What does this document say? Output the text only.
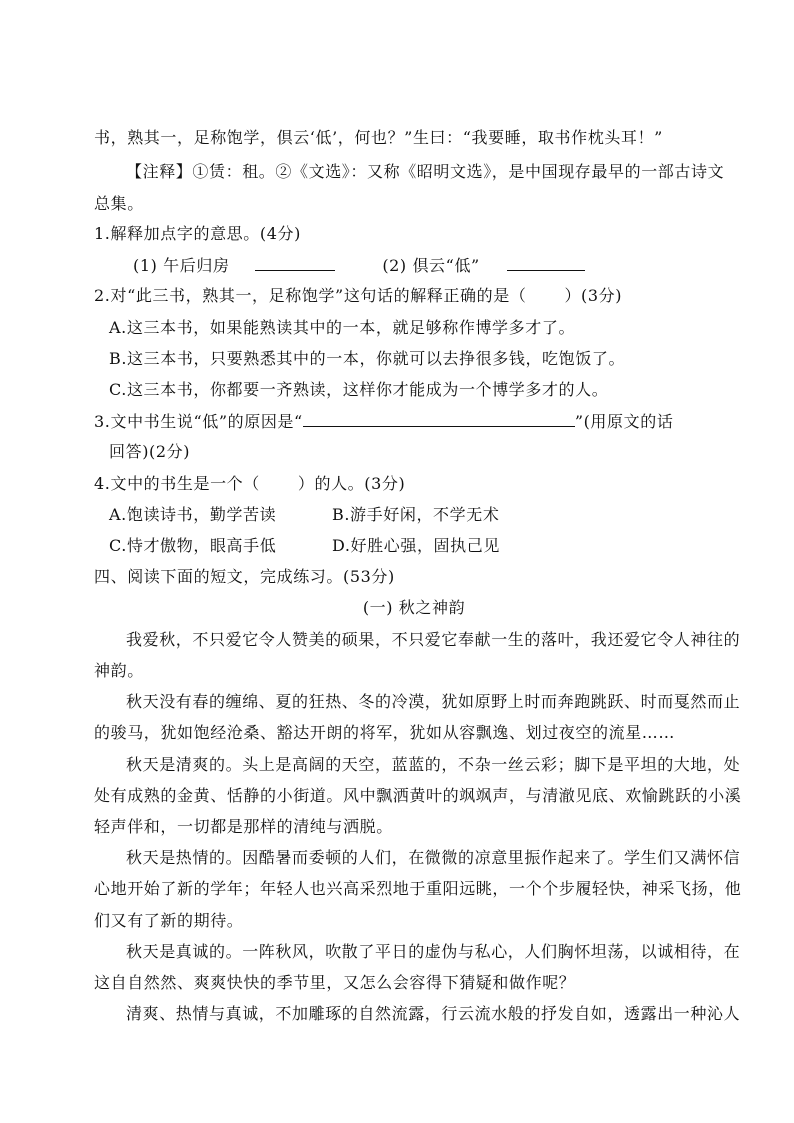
书，熟其一，足称饱学，倶云‘低’，何也？”生曰：“我要睡，取书作枕头耳！”
【注释】①赁：租。②《文选》：又称《昭明文选》，是中国现存最早的一部古诗文
总集。
1.解释加点字的意思。(4分)
(1) 午后归房	(2) 倶云“低”
2.对“此三书，熟其一，足称饱学”这句话的解释正确的是（ ）(3分)
A.这三本书，如果能熟读其中的一本，就足够称作博学多才了。
B.这三本书，只要熟悉其中的一本，你就可以去挣很多钱，吃饱饭了。
C.这三本书，你都要一齐熟读，这样你才能成为一个博学多才的人。
3.文中书生说“低”的原因是“	”(用原文的话
回答)(2分)
4.文中的书生是一个（ ）的人。(3分)
A.饱读诗书，勤学苦读	B.游手好闲，不学无术
C.恃才傲物，眼高手低	D.好胜心强，固执己见
四、阅读下面的短文，完成练习。(53分)
(一) 秋之神韵
我爱秋，不只爱它令人赞美的硕果，不只爱它奉献一生的落叶，我还爱它令人神往的
神韵。
秋天没有春的缠绵、夏的狂热、冬的冷漠，犹如原野上时而奔跑跳跃、时而戛然而止
的骏马，犹如饱经沧桑、豁达开朗的将军，犹如从容飘逸、划过夜空的流星……
秋天是清爽的。头上是高阔的天空，蓝蓝的，不杂一丝云彩；脚下是平坦的大地，处
处有成熟的金黄、恬静的小街道。风中飘洒黄叶的飒飒声，与清澈见底、欢愉跳跃的小溪
轻声伴和，一切都是那样的清纯与洒脱。
秋天是热情的。因酷暑而委顿的人们，在微微的凉意里振作起来了。学生们又满怀信
心地开始了新的学年；年轻人也兴高采烈地于重阳远眺，一个个步履轻快，神采飞扬，他
们又有了新的期待。
秋天是真诚的。一阵秋风，吹散了平日的虚伪与私心，人们胸怀坦荡，以诚相待，在
这自自然然、爽爽快快的季节里，又怎么会容得下猜疑和做作呢？
清爽、热情与真诚，不加雕琢的自然流露，行云流水般的抒发自如，透露出一种沁人
